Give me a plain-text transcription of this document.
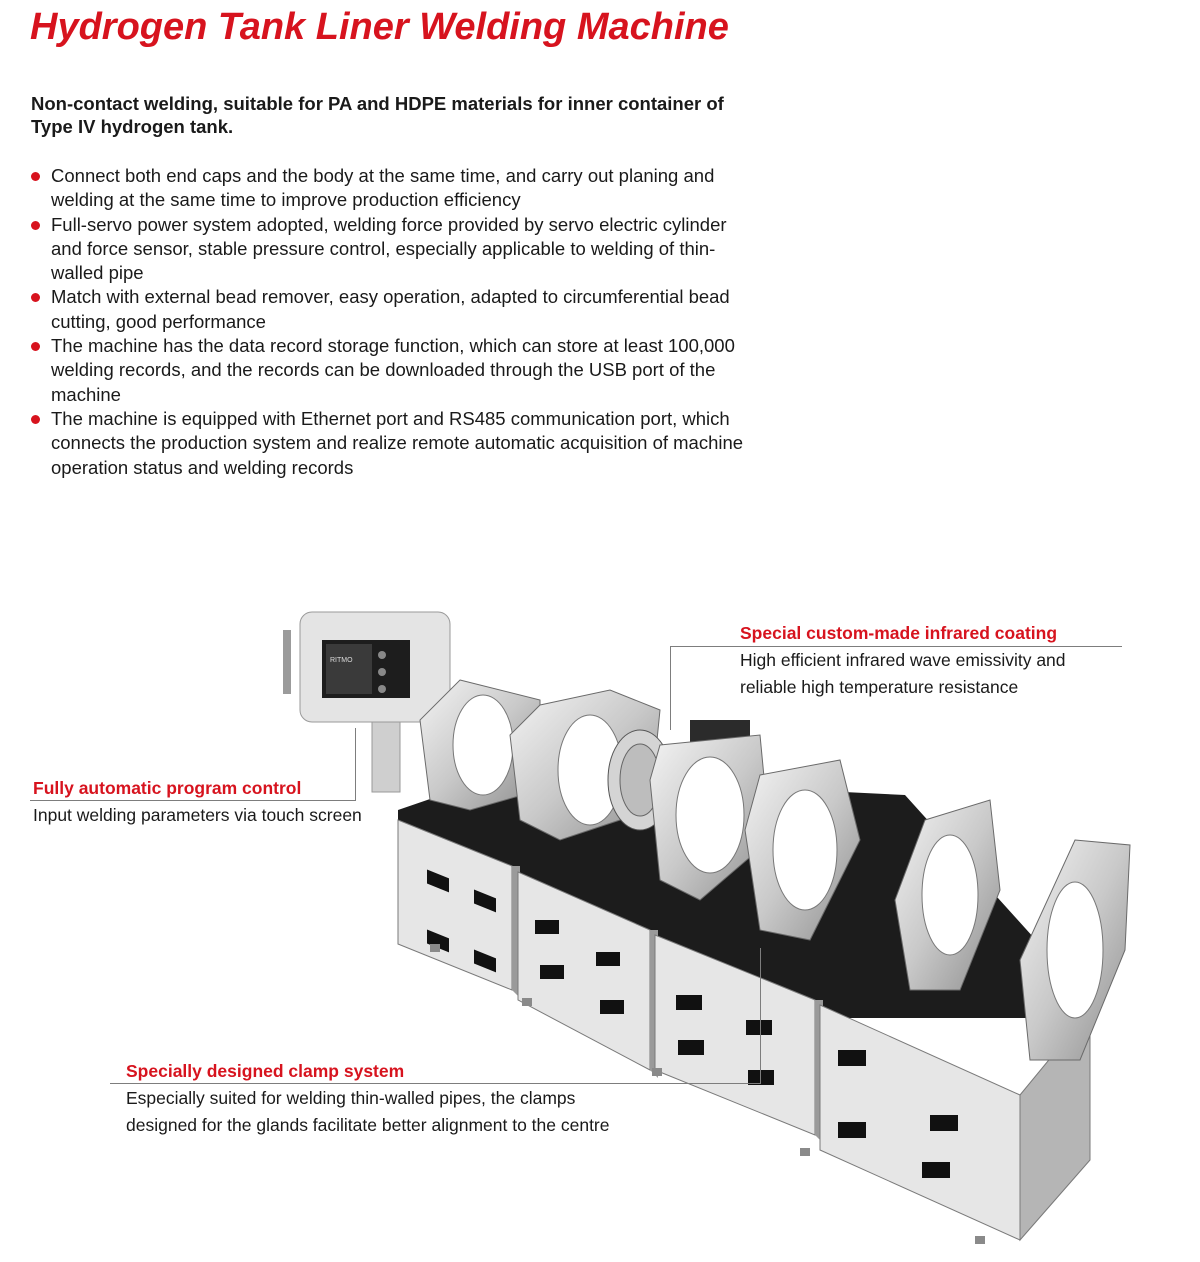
Hydrogen Tank Liner Welding Machine

Non-contact welding, suitable for PA and HDPE materials for inner container of Type IV hydrogen tank.

Connect both end caps and the body at the same time, and carry out planing and welding at the same time to improve production efficiency
Full-servo power system adopted, welding force provided by servo electric cylinder and force sensor, stable pressure control, especially applicable to welding of thin-walled pipe
Match with external bead remover, easy operation, adapted to circumferential bead cutting, good performance
The machine has the data record storage function, which can store at least 100,000 welding records, and the records can be downloaded through the USB port of the machine
The machine is equipped with Ethernet port and RS485 communication port, which connects the production system and realize remote automatic acquisition of machine operation status and welding records
RITMO
Special custom-made infrared coating
High efficient infrared wave emissivity and
reliable high temperature resistance
Fully automatic program control
Input welding parameters via touch screen
Specially designed clamp system
Especially suited for welding thin-walled pipes, the clamps
designed for the glands facilitate better alignment to the centre
